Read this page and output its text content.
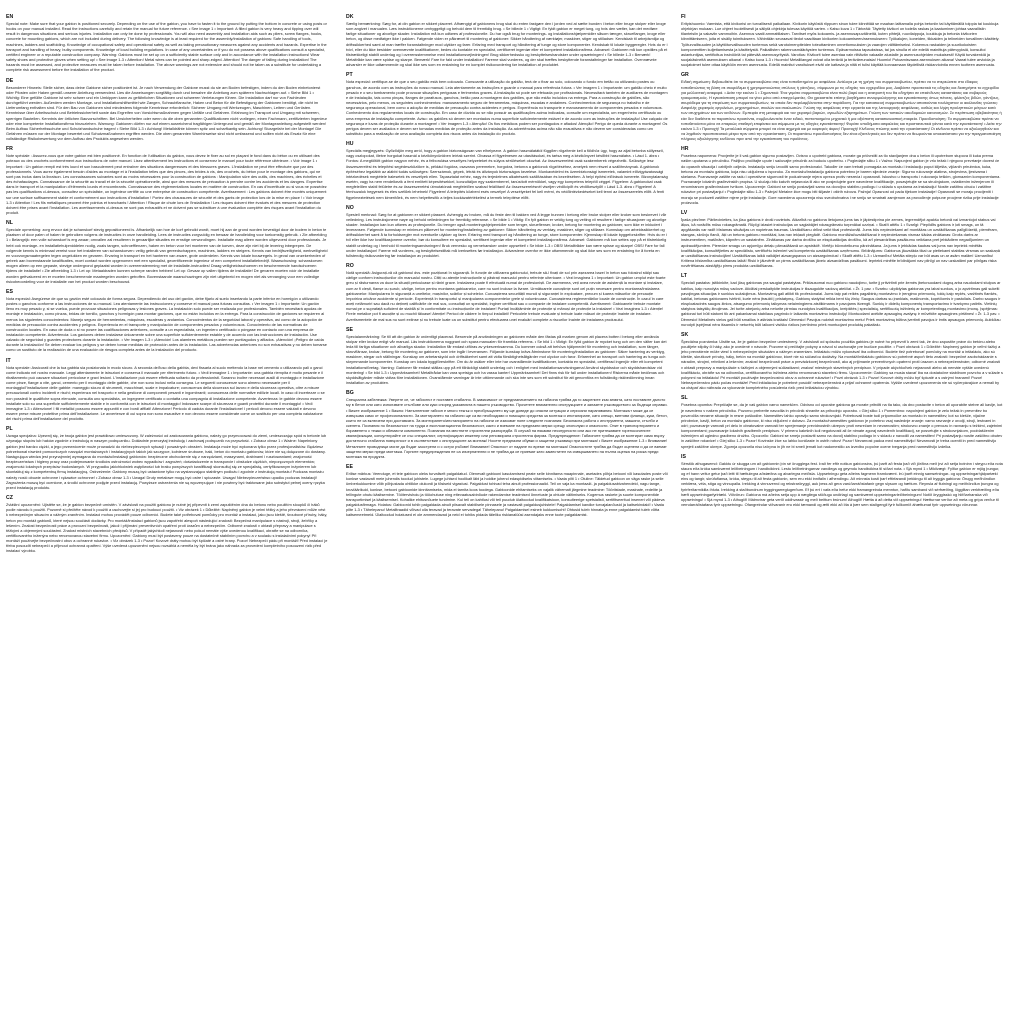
EN

Special note: Make sure that your gabion is positioned securely. Depending on the use of the gabion, you have to fasten it to the ground by putting the bottom in concrete or using posts or hooks on your manual installed. Read the instructions carefully and retain the manual for future reference. • See image 1 • Important: A filled gabion is very heavy and tipping over will result in dangerous situations and serious injuries. Installation can only be done by professionals. You will also need assembly and installation aids such as pliers, screw flanges, hooks, concrete for mounting gabions, which are not included during delivery. The following knowledge is at least required for the assembly/installation of gabions: Safe handling of tools, machines, ladders and scaffolding. Knowledge of occupational safety and operational safety as well as taking precautionary measures against any accidents and hazards. Expertise in the transport and handling of heavy, bulky components. Knowledge of local building regulations. In case of any uncertainties or if you do not possess above qualifications consult a specialist, certified engineer or a reputable construction company. Warning: Gabions must be set up on a sufficiently stable surface only and in accordance with the installation instructions! Wear safety shoes and protective gloves when setting up! • See image 1-3 • Attention! Metal wires can be pointed and sharp-edged. Attention! The danger of falling during installation! The hazards must be assessed, and protective measures must be taken before installation. The above warnings are not extensive and should not be taken as a substitute for undertaking a complete risk assessment before the installation of the product.

DE

Besonderer Hinweis: Stelle sicher, dass deine Gabione sicher positioniert ist. Je nach Verwendung der Gabione musst du sie am Boden befestigen, indem du den Boden einbetonierst oder Pfosten oder Haken gemäß unserer Anleitung verwendest. Lies die Anweisungen sorgfältig durch und bewahre die Anleitung zum späteren Nachschlagen auf. • Siehe Bild 1 • Wichtig: Eine gefüllte Gabione ist sehr schwer und ein Umkippen kann zu gefährlichen Situationen und schweren Verletzungen führen. Die Installation darf nur von Fachleuten durchgeführt werden. Außerdem werden Montage- und Installationshilfsmittel wie Zangen, Schraubflansche, Haken und Beton für die Befestigung der Gabionen benötigt, die nicht im Lieferumfang enthalten sind. Für den Bau von Gabionen sind mindestens folgende Kenntnisse erforderlich: Sicherer Umgang mit Werkzeugen, Maschinen, Leitern und Gerüsten. Kenntnisse über Arbeitsschutz und Betriebssicherheit sowie das Ergreifen von Vorsichtsmaßnahmen gegen Unfälle und Gefahren. Erfahrung im Transport und Umgang mit schweren, sperrigen Bauteilen. Kenntnis der örtlichen Bauvorschriften. Bei Unsicherheiten oder wenn du die oben genannten Qualifikationen nicht vorliegen, einen Fachmann, zertifizierten Ingenieur oder eine kompetente Installationsfirma hinzuziehen. Warnung: Gabionen dürfen nur auf einem ausreichend tragfähigen Untergrund und gemäß der Montageanleitung aufgestellt werden! Beim Aufbau Sicherheitsschuhe und Schutzhandschuhe tragen! • Siehe Bild 1-3 • Achtung! Metalldrähte können spitz und scharfkantig sein. Achtung! Sturzgefahr bei der Montage! Die Gefahren müssen vor der Montage bewertet und Schutzmaßnahmen ergriffen werden. Die oben genannten Warnhinweise sind nicht umfassend und sollten nicht als Ersatz für eine vollständige Risikobewertung vor dem Aufbau des Produkts angesehen werden.

FR

Note spéciale : Assurez-vous que votre gabion est bien positionné. En fonction de l'utilisation du gabion, vous devez le fixer au sol en plaçant le fond dans du béton ou en utilisant des poteaux ou des crochets conformément aux instructions de votre manuel. Lisez attentivement les instructions et conservez le manuel pour toute référence ultérieure. • Voir image 1 • Important : Un gabion rempli est très lourd et son basculement peut entraîner des situations dangereuses et des blessures graves. L'installation ne peut être effectuée que par des professionnels. Vous aurez également besoin d'aides au montage et à l'installation telles que des pinces, des brides à vis, des crochets, du béton pour le montage des gabions, qui ne sont pas inclus dans la livraison. Les connaissances suivantes sont au moins nécessaires pour la construction de gabions : Manipulation sûre des outils, des machines, des échelles et des échafaudages. Connaissance de la sécurité au travail et de la sécurité opérationnelle, ainsi que des mesures de précaution à prendre contre les accidents et les dangers. Expertise dans le transport et la manipulation d'éléments lourds et encombrants. Connaissance des réglementations locales en matière de construction. En cas d'incertitude ou si vous ne possédez pas les qualifications ci-dessus, consultez un spécialiste, un ingénieur certifié ou une entreprise de construction compétente. Avertissement : Les gabions doivent être montés uniquement sur une surface suffisamment stable et conformément aux instructions d'installation ! Portez des chaussures de sécurité et des gants de protection lors de la mise en place ! • Voir image 1-3 • Attention ! Les fils métalliques peuvent être pointus et tranchants ! Attention ! Risque de chute lors de l'installation ! Les risques doivent être évalués et des mesures de protection doivent être prises avant l'installation. Les avertissements ci-dessus ne sont pas exhaustifs et ne doivent pas se substituer à une évaluation complète des risques avant l'installation du produit.

NL

Speciale opmerking: zorg ervoor dat je schanskorf stevig gepositioneerd is. Afhankelijk van hoe de korf gebruikt wordt, moet hij aan de grond worden bevestigd door de bodem in beton te plaatsen of door palen of haken te gebruiken volgens de instructies in onze handleiding. Lees de instructies zorgvuldig en bewaar de handleiding voor toekomstig gebruik. • Zie afbeelding 1 • Belangrijk: een volle schanskorf is erg zwaar; omvallen zal resulteren in gevaarlijke situaties en ernstige verwondingen. Installatie mag alleen worden uitgevoerd door professionals. Je hebt ook montage- en installatiehulpmiddelen nodig, zoals tangen, schroefflenzen, haken en beton voor het monteren van de korven, deze zijn niet bij de levering inbegrepen. De volgende kennis is minimaal vereist voor het installeren van schanskorven: veilig gebruik van gereedschappen, machines, ladders en steigers. Kennis van bedrijfsveiligheid, werkveiligheid en voorzorgsmaatregelen tegen ongelukken en gevaren. Ervaring in transport en het hanteren van zware, grote onderdelen. Kennis van lokale bouwregels. In geval van onzekerheden of gebrek aan bovenstaande kwalificaties, moet contact worden opgenomen met een specialist, gecertificeerde ingenieur of een competent installatiebedrijf. Waarschuwing: schanskorven mogen alleen op een gepaste, stevige ondergrond geplaatst worden in overeenstemming met de installatie-instructies! Draag veiligheidsschoenen en beschermende handschoenen tijdens de installatie! • Zie afbeelding 1-3 • Let op: Metaaldraden kunnen scherpe randen hebben! Let op: Gevaar op vallen tijdens de installatie! De gevaren moeten vóór de installatie worden geëvalueerd en er moeten beschermende maatregelen worden getroffen. Bovenstaande waarschuwingen zijn niet uitgebreid en mogen niet als vervanging voor een volledige risicobeoordeling voor de installatie van het product worden beschouwd.

ES

Nota especial: Asegúrese de que su gavión esté colocado de forma segura. Dependiendo del uso del gavión, debe fijarlo al suelo insertando la parte inferior en hormigón o utilizando postes o ganchos conforme a las instrucciones de su manual. Lea atentamente las instrucciones y conserve el manual para futuras consultas. • Ver imagen 1 • Importante: Un gavión lleno es muy pesado y, si se vuelca, puede provocar situaciones peligrosas y lesiones graves. La instalación solo puede ser realizada por profesionales. También necesitará ayudas de montaje e instalación, como pinzas, bridas de tornillo, ganchos y hormigón para montar gaviones, que no están incluidos en la entrega. Para la construcción de gaviones se requieren al menos los siguientes conocimientos: Manejo seguro de herramientas, máquinas, escaleras y andamios. Conocimientos de la seguridad laboral y operativa, así como de la adopción de medidas de precaución contra accidentes y peligros. Experiencia en el transporte y manipulación de componentes pesados y voluminosos. Conocimiento de las normativas de construcción locales. En caso de duda o si no posee las cualificaciones anteriores, consulte a un especialista, un ingeniero certificado o póngase en contacto con una empresa de instalación competente. Advertencia: Los gaviones deben instalarse únicamente sobre una superficie suficientemente estable y de acuerdo con las instrucciones de instalación. Use calzado de seguridad y guantes protectores durante la instalación. • Ver imagen 1-3 • ¡Atención! Los alambres metálicos pueden ser puntiagudos y afilados. ¡Atención! ¡Peligro de caída durante la instalación! Se deben evaluar los peligros y se deben tomar medidas de protección antes de la instalación. Las advertencias anteriores no son exhaustivas y no deben tomarse como un sustituto de la realización de una evaluación de riesgos completa antes de la instalación del producto.

IT

Nota speciale: Assicurati che la tua gabbia sia posizionata in modo sicuro. A seconda dell'uso della gabbia, devi fissarla al suolo mettendo la base nel cemento o utilizzando pali o ganci come indicato nel nostro manuale. Leggi attentamente le istruzioni e conserva il manuale per riferimento futuro. • Vedi immagine 1 • Importante: una gabbia riempita è molto pesante e il ribaltamento può causare situazioni pericolose e gravi lesioni. L'installazione può essere effettuata soltanto da professionisti. Saranno inoltre necessari ausili di montaggio e installazione come pinze, flange a vite, ganci, cemento per il montaggio delle gabbie, che non sono inclusi nella consegna. Le seguenti conoscenze sono almeno necessarie per il montaggio/l'installazione delle gabbie: maneggio sicuro di strumenti, macchinari, scale e impalcature; conoscenza della sicurezza sul lavoro e della sicurezza operativa, oltre a misure precauzionali contro incidenti e rischi; esperienza nel trasporto e nella gestione di componenti pesanti e ingombranti; conoscenza delle normative edilizie locali. In caso di incertezze o se non possiedi le qualifiche sopra elencate, consulta uno specialista, un ingegnere certificato o contatta una compagnia di installazione competente. Avvertenza: le gabbie devono essere installate solo su una superficie sufficientemente stabile e in conformità con le istruzioni di montaggio! Indossare scarpe di sicurezza e guanti protettivi durante il montaggio! • Vedi immagine 1-3 • Attenzione! I fili metallici possono essere appuntiti e con bordi affilati! Attenzione! Pericolo di caduta durante l'installazione! I pericoli devono essere valutati e devono essere prese misure protettive prima dell'installazione. Le avvertenze di cui sopra non sono esaustive e non devono essere considerate come un sostituto per una completa valutazione dei rischi prima dell'installazione del prodotto.

PL

Uwaga specjalna: Upewnij się, że twoja gabion jest prawidłowo umieszczony. W zależności od zastosowania gabionu, należy go przymocować do ziemi, umieszczając spód w betonie lub używając słupów lub haków zgodnie z instrukcją w naszym podręczniku. Dokładnie przeczytaj instrukcję i zachowaj podręcznik na przyszłość. • Zobacz obraz 1 • Ważne: Napełniony gabion jest bardzo ciężki, a jego przewrócenie może prowadzić do niebezpiecznych sytuacji i poważnych obrażeń. Instalacja może być wykonana tylko przez profesjonalistów. Będziesz potrzebował również pomocniczych narzędzi montażowych i instalacyjnych takich jak szczypce, kołnierze śrubowe, haki, beton do montażu gabionów, które nie są dołączone do dostawy. Następująca wiedza jest przynajmniej wymagana do montażu/instalacji gabionów: bezpieczne obchodzenie się z narzędziami, maszynami, drabinami i rusztowaniami; znajomość bezpieczeństwa i higieny pracy oraz podejmowanie środków ostrożności wobec wypadków i zagrożeń; doświadczenie w transporcie i obsłudze ciężkich, nieporęcznych elementów; znajomość lokalnych przepisów budowlanych. W przypadku jakichkolwiek wątpliwości lub braku powyższych kwalifikacji skonsultuj się ze specjalistą, certyfikowanym inżynierem lub skontaktuj się z kompetentną firmą instalacyjną. Ostrzeżenie: Gabiony muszą być ustawione tylko na wystarczająco stabilnym podłożu i zgodnie z instrukcją montażu! Podczas montażu należy nosić obuwie ochronne i rękawice ochronne! • Zobacz obraz 1-3 • Uwaga! Druty metalowe mogą być ostre i spiczaste. Uwaga! Niebezpieczeństwo upadku podczas instalacji! Zagrożenia muszą być ocenione, a środki ochronne podjęte przed instalacją. Powyższe ostrzeżenia nie są wyczerpujące i nie powinny być traktowane jako substytut pełnej oceny ryzyka przed instalacją produktu.

CZ

Zvláštní upozornění: Ujistěte se, že je gabion bezpečně umístěn. V závislosti na použití gabionu je nutné jej připevnit k zemi zapuštěním dna do betonu nebo použitím sloupků či háků podle návodu k použití. Pozorně si přečtěte návod k použití a uschovejte si jej pro budoucí použití. • Viz obrázek 1 • Důležité: Naplněný gabion je velmi těžký a jeho převrácení může vést k nebezpečným situacím a vážným zraněním. Instalaci mohou provádět pouze odborníci. Budete také potřebovat pomůcky pro montáž a instalaci, jako jsou kleště, šroubové příruby, háky, beton pro montáž gabionů, které nejsou součástí dodávky. Pro montáž/instalaci gabionů jsou zapotřebí alespoň následující znalosti: Bezpečná manipulace s nástroji, stroji, žebříky a lešením. Znalost bezpečnosti práce a provozní bezpečnosti, jakož i přijímání preventivních opatření proti úrazům a nebezpečím. Odborné znalosti v oblasti přepravy a manipulace s těžkými a objemnými součástmi. Znalost místních stavebních předpisů. V případě jakýchkoli nejasností nebo pokud nemáte výše uvedenou kvalifikaci, obraťte se na odborníka, certifikovaného inženýra nebo renomovanou stavební firmu. Upozornění: Gabiony musí být postaveny pouze na dostatečně stabilním povrchu a v souladu s instalačními pokyny! Při montáži používejte bezpečnostní obuv a ochranné rukavice. • Viz obrázek 1-3 • Pozor! Kovové dráty mohou být špičaté a ostré hrany. Pozor! Nebezpečí pádu při montáži! Před instalací je třeba posoudit nebezpečí a přijmout ochranná opatření. Výše uvedená upozornění nejsou rozsáhlá a neměla by být brána jako náhrada za provedení kompletního posouzení rizik před instalací výrobku.

DK

Særlig bemærkning: Sørg for, at din gabion er sikkert placeret. Afhængigt af gabionens brug skal du enten fastgøre den i jorden ved at sætte bunden i beton eller bruge stolper eller kroge som angivet i manualen. Læs instruktionerne omhyggeligt og behold dem til fremtidig brug. • Se billede 1 • Vigtigt: En fyldt gabion er meget tung, og hvis den vælter, kan det medføre farlige situationer og alvorlige skader. Installation må kun udføres af professionelle. Du har også brug for monterings- og installationshjælpemidler såsom tænger, skrueflanger, kroge eller beton, og disse medfølger ikke i pakken. Følgende viden er påkrævet til montering af gabioner: Sikker håndtering af værktøjer, maskiner, stiger og stilladser. Kendskab til arbejdsmiljø og driftssikkerhed samt at man træffer foranstaltninger mod ulykker og farer. Erfaring med transport og håndtering af tunge og store komponenter. Kendskab til lokale byggeregler. Hvis du er i tvivl, eller du ikke besidder ovennævnte kvalifikationer, bedes du kontakte en specialist, certificeret ingeniør eller et kompetent installationsfirma. Advarsel: Gabionen må kun opstilles på et tilstrækkeligt stabilt underlag og i overensstemmelse med installationsvejledningen! Brug sikkerhedssko og beskyttelseshandsker under opsætningen! • Se billede 1-3 • Bemærk! Metaltråde kan være spidse og skarpe. Bemærk! Fare for fald under installation! Farerne skal vurderes, og der skal træffes beskyttende foranstaltninger før installation. Ovennævnte advarsler er ikke udtømmende og skal ikke ses som en erstatning for en komplet risikovurdering før installation af produktet.

PT

Nota especial: certifique-se de que o seu gabião está bem colocado. Consoante a utilização do gabião, terá de o fixar ao solo, colocando o fundo em betão ou utilizando postes ou ganchos, de acordo com as instruções do nosso manual. Leia atentamente as instruções e guarde o manual para referência futura. • Ver imagem 1 • Importante: um gabião cheio é muito pesado e o seu tombamento pode provocar situações perigosas e ferimentos graves. A instalação só pode ser efetuada por profissionais. Necessitará também de auxiliares de montagem e de instalação, tais como pinças, flanges de parafusos, ganchos, betão para a montagem dos gabiões, que não estão incluídos na entrega. Para a construção de gabiões, são necessários, pelo menos, os seguintes conhecimentos: manuseamento seguro de ferramentas, máquinas, escadas e andaimes. Conhecimentos de segurança no trabalho e de segurança operacional, bem como a adoção de medidas de precaução contra acidentes e perigos. Experiência no transporte e manuseamento de componentes pesados e volumosos. Conhecimento dos regulamentos locais de construção. Em caso de dúvida ou se não possuir as qualificações acima indicadas, consulte um especialista, um engenheiro certificado ou uma empresa de instalação competente. Aviso: os gabiões só devem ser montados numa superfície suficientemente estável e de acordo com as instruções de instalação! Use calçado de segurança e luvas de proteção durante a montagem! • Ver imagem 1-3 • Atenção! Os fios metálicos podem ser pontiagudos e afiados! Atenção! Perigo de queda durante a montagem! Os perigos devem ser avaliados e devem ser tomadas medidas de proteção antes da instalação. As advertências acima não são exaustivas e não devem ser consideradas como um substituto para a realização de uma avaliação completa dos riscos antes da instalação do produto.

HU

Speciális megjegyzés: Győződjön meg arról, hogy a gabion biztonságosan van elhelyezve. A gabion használatától függően rögzítenie kell a földhöz úgy, hogy az aljat betonba süllyeszti, vagy oszlopokat, illetve horgokat használ a kézikönyvünkben leírtak szerint. Olvassa el figyelmesen az utasításokat, és tartsa meg a kézikönyvet későbbi használatra. • Lásd 1. ábra • Fontos: A megtöltött gabion nagyon nehéz, és a felborulása veszélyes helyzeteket és súlyos sérüléseket okozhat. Az összeszerelést csak szakemberek végezhetik. Szüksége lesz összeszerelési és telepítési segédeszközökre is, például fogókra, csavaros peremekre, horgokra, betonra a gabionok rögzítéséhez, amelyek nem részei a szállítmánynak. A gabionok építéséhez legalább az alábbi tudás szükséges: Szerszámok, gépek, létrák és állványok biztonságos kezelése. Munkavédelmi és üzembiztonsági ismeretek, valamint elővigyázatossági intézkedések megtétele balesetek és veszélyek ellen. Tapasztalat nehéz, nagy és terjedelmes alkatrészek szállításában és kezelésében. A helyi építési előírások ismerete. Bizonytalanság esetén, vagy ha nem rendelkezik a fent említett képesítésekkel, konzultáljon egy szakemberrel, tanúsított mérnökkel, vagy egy kompetens telepítő céggel. Figyelem: A gabionokat csak megfelelően stabil felületre és az összeszerelési útmutatónak megfelelően szabad felállítani! Az összeszerelésnél viseljen védőcipőt és védőkesztyűt! • Lásd 1-3. ábra • Figyelem! A fémhuzalok hegyesek és éles szélűek lehetnek! Figyelem! A telepítés közbeni esés veszélye! A veszélyeket fel kell mérni, és védőintézkedéseket kell tenni az összeszerelés előtt. A fenti figyelmeztetések nem kimerítőek, és nem helyettesítik a teljes kockázatértékelést a termék telepítése előtt.

NO

Spesiell merknad: Sørg for at gabionen er sikkert plassert. Avhengig av bruken, må du feste den til bakken ved å legge bunnen i betong eller bruke stolper eller kroker som beskrevet i vår veiledning. Les instruksjonene nøye og behold veiledningen for fremtidig referanse. • Se bilde 1 • Viktig: En fylt gabion er veldig tung og velting vil resultere i farlige situasjoner og alvorlige skader. Installasjon kan kun utføres av profesjonelle. Du trenger også monteringshjelpemidler som tenger, skrueflenser, kroker, betong for montering av gabioner, som ikke er inkludert i leveransen. Følgende kunnskap er minimum påkrevet for montering/installering av gabioner: Sikker håndtering av verktøy, maskiner, stiger og stillaser. Kunnskap om arbeidssikkerhet og driftssikkerhet samt å ta forholdsregler mot eventuelle ulykker og farer. Erfaring med transport og håndtering av tunge, store komponenter. Kjennskap til lokale byggeforskrifter. Hvis du er i tvil eller ikke har kvalifikasjonene ovenfor, bør du konsultere en spesialist, sertifisert ingeniør eller et kompetent installasjonsfirma. Advarsel: Gabionen må kun settes opp på et tilstrekkelig stabilt underlag og i henhold til monteringsanvisningen! Bruk vernesko og vernehansker under oppsettet! • Se bilde 1-3 • OBS! Metalltråder kan være spisse og skarpe! OBS! Fare for fall under installasjon! Farene må vurderes, og beskyttelsestiltak må iverksettes før installasjon. Advarslene ovenfor er ikke uttømmende og skal ikke ses som en erstatning for å foreta en fullstendig risikovurdering før installasjon av produktet.

RO

Notă specială: Asigurați-vă că gabionul dvs. este poziționat în siguranță. În funcție de utilizarea gabionului, trebuie să-l fixați de sol prin așezarea bazei în beton sau folosind stâlpi sau cârlige conform instrucțiunilor din manualul nostru. Citiți cu atenție instrucțiunile și păstrați manualul pentru referințe ulterioare. • Vezi imaginea 1 • Important: Un gabion umplut este foarte greu și răsturnarea va duce la situații periculoase și răniri grave. Instalarea poate fi efectuată numai de profesioniști. De asemenea, veți avea nevoie de asistență la montare și instalare, cum ar fi clești, flanșe cu șurub, cârlige, beton pentru montarea gabioanelor, care nu sunt incluse la livrare. Următoarele cunoștințe sunt cel puțin necesare pentru montarea/instalarea gabioanelor: Manipularea în siguranță a uneltelor, mașinilor, scărilor și schelelor. Cunoașterea securității muncii și siguranței în exploatare, precum și luarea măsurilor de precauție împotriva oricăror accidente și pericole. Experiență în transportul și manipularea componentelor grele și voluminoase. Cunoașterea reglementărilor locale de construcție. În cazul în care aveți nelămuriri sau dacă nu dețineți calificările de mai sus, consultați un specialist, inginer certificat sau o companie de instalare competentă. Avertisment: Gabioanele trebuie montate numai pe o suprafață suficient de stabilă și în conformitate cu instrucțiunile de instalare! Purtați încălțăminte de protecție și mănuși de protecție la instalare! • Vezi imaginea 1-3 • Atenție! Firele metalice pot fi ascuțite și cu muchii tăioase! Atenție! Pericol de cădere în timpul instalării! Pericolele trebuie evaluate și trebuie luate măsuri de protecție înainte de instalare. Avertismentele de mai sus nu sunt extinse și nu trebuie luate ca un substitut pentru efectuarea unei evaluări complete a riscurilor înainte de instalarea produsului.

SE

Specialanmärkning: Se till att din gabion är ordentligt placerad. Beroende på användningen av gabionen måste den fästas på marken genom att placera botten i betong eller använda stolpar eller krokar enligt vår manual. Läs instruktionerna noggrant och spara manualen för framtida referens. • Se bild 1 • Viktigt: En fylld gabion är mycket tung och om den välter kan det leda till farliga situationer och allvarliga skador. Installation får endast utföras av yrkesverksamma. Du kommer också att behöva hjälpmedel för montering och installation, som tänger, skruvflänsar, krokar, betong för montering av gabioner, som inte ingår i leveransen. Följande kunskap krävs åtminstone för montering/installation av gabioner: Säker hantering av verktyg, maskiner, stegar och ställningar. Kunskap om arbetarskydd och driftsäkerhet samt att vidta försiktighetsåtgärder mot olyckor och faror. Erfarenhet av transport och hantering av tunga och skrymmande komponenter. Kunskap om lokala byggföreskrifter. Om du är osäker eller inte har ovanstående kvalifikationer, kontakta en specialist, certifierad ingenjör eller ett kompetent installationsföretag. Varning: Gabioner får endast ställas upp på ett tillräckligt stabilt underlag och i enlighet med installationsanvisningarna! Använd skyddsskor och skyddshandskar vid montering! • Se bild 1-3 • Uppmärksamhet! Metalltrådar kan vara spetsiga och ha vassa kanter! Uppmärksamhet! Det finns risk för fall under installationen! Riskerna måste bedömas och skyddsåtgärder måste vidtas före installationen. Ovanstående varningar är inte uttömmande och ska inte ses som ett substitut för att genomföra en fullständig riskbedömning innan installation av produkten.

BG

Специална забележка: Уверете се, че габионът е поставен стабилно. В зависимост от предназначението на габиона трябва да го закрепите към земята, като поставите дъното му в бетон или като използвате стълбове или куки според указанията в нашето ръководство. Прочетете внимателно инструкциите и запазете ръководството за бъдещи справки. • Вижте изображение 1 • Важно: Напълненият габион е много тежък и преобръщането му ще доведе до опасни ситуации и сериозни наранявания. Монтажът може да се извършва само от професионалисти. За монтирането на габиони ще са ви необходими и помощни средства за монтаж и инсталиране, като клещи, винтови фланци, куки, бетон, които не са включени при доставката. За монтирането/инсталирането на габиони се изискват поне следните познания: Безопасна работа с инструменти, машини, стълби и скелета. Познания по безопасност на труда и експлоатационна безопасност, както и вземане на предпазни мерки срещу злополуки и опасности. Опит в транспортирането и боравенето с тежки и обемисти компоненти. Познания на местните строителни разпоредби. В случай на някакви несигурности или ако не притежавате горепосочените квалификации, консултирайте се със специалист, сертифициран инженер или реномирана строителна фирма. Предупреждение: Габионите трябва да се монтират само върху достатъчно стабилна повърхност и в съответствие с инструкциите за монтаж! Носете предпазни обувки и защитни ръкавици при монтажа! • Вижте изображение 1-3 • Внимание! Металните проводници могат да бъдат заострени и с остри ръбове! Внимание! Опасност от падане по време на монтажа! Опасностите трябва да бъдат оценени и да се вземат защитни мерки преди монтажа. Горните предупреждения не са изчерпателни и не трябва да се приемат като заместител на извършването на пълна оценка на риска преди монтажа на продукта.

EE

Erilise märkus: Veenduge, et teie gabioon oleks turvaliselt paigaldatud. Olenevalt gabiooni kasutamisest peate selle kinnitama maapinnale, asetades põhja betooni või kasutades poste või konkse vastavalt meie juhendis toodud juhistele. Lugege juhised hoolikalt läbi ja hoidke juhend edaspidiseks viitamiseks. • Vaata pilti 1 • Oluline: Täidetud gabioon on väga raske ja selle ümberkukkumine võib põhjustada ohtlikke olukordi ja tõsiseid vigastusi. Paigaldust tohivad teha ainult professionaalid. Teil on vaja ka montaaži- ja paigaldusabivahendeid, nagu tange, kruviäärikuid, konkse, betooni gabioonide kinnitamiseks, mida ei tarnita koos toodega. Gabioonide ehitamiseks on vajalik vähemalt järgmine teadmine: Tööriistade, masinate, redelite ja tellingute ohutu käsitsemine. Töötervishoiu ja tööohutuse ning ettevaatusabinõude rakendamise teadmised õnnetuste ja ohtude vältimiseks. Kogemus raskete ja suurte komponentide transportimisel ja käsitsemisel. Kohalike ehitusnõuete tundmine. Kui teil on kahtlusi või teil puudub ülaltoodud kvalifikatsioon, konsulteerige spetsialisti, sertifitseeritud inseneri või pädeva paigaldusfirmaga. Hoiatus: Gabioonid tohib paigaldada ainult piisavalt stabiilsele pinnasele ja vastavalt paigaldusjuhistele! Paigaldamisel kandke turvajalanõusid ja kaitsekindaid! • Vaata pilte 1-3 • Tähelepanu! Metalltraadid võivad olla teravad ja teravate servadega! Tähelepanu! Paigaldamisel esineb kukkumisoht! Ohtusid tuleb hinnata ja enne paigaldamist tuleb võtta kaitsemeetmeid. Ülaltoodud hoiatused ei ole ammendavad ja neid ei tohiks pidada täieliku riskianalüüsi asendajaks enne toote paigaldamist.

FI

Erityishuomio: Varmista, että kivikorisi on turvallisesti paikallaan. Kivikorin käytöstä riippuen sinun tulee kiinnittää se maahan laittamalla pohja betoniin tai käyttämällä tolppia tai koukkuja ohjekirjan mukaan. Lue ohjeet huolellisesti ja säilytä ohjekirja tulevaa käyttöä varten. • Katso kuva 1 • Tärkeää: Täytetty kivikori on todella raskas ja kaatuminen johtaa vaarallisiin tilanteisiin ja vakaviin vammoihin. Asennus vaatii ammattilaisen. Tarvitset myös kokoamis- ja asennusapuvälineitä, kuten pihtejä, ruuvilaippoja, koukkuja ja betonia kivikorien kiinnittämiseen, joita ei sisälly toimitukseen. Vähintään seuraavat tiedot vaaditaan kivikorien kokoamiseen/asennukseen: Työkalujen, koneiden, tikkaiden ja telineiden turvallinen käsittely. Työturvallisuuden ja käyttöturvallisuuden tuntemus sekä varotoimenpiteiden toteuttaminen onnettomuuksien ja vaarojen välttämiseksi. Kokemus raskaiden ja suurikokoisten komponenttien kuljettamisesta ja käsittelystä. Paikallisten rakennusmääräysten tuntemus. Epävarmoissa tapauksissa, tai jos sinulla ei ole edellä mainittuja pätevyyksiä, konsultoi asiantuntijaa, sertifioitua insinööriä tai pätevää asennusyritystä. Varoitus: Kivikorit tulee asentaa vain riittävän vakaalle alustalle ja asennusohjeiden mukaisesti! Käytä turvakenkiä ja suojakäsineitä asennuksen aikana! • Katso kuva 1-3 • Huomio! Metallilangat voivat olla teräviä ja teräväreunaisia! Huomio! Putoamisvaara asennuksen aikana! Vaarat tulee arvioida ja suojatoimet tulee ottaa käyttöön ennen asennusta. Edellä mainitut varoitukset eivät ole kattavia ja niitä ei tulisi käyttää korvaamaan täydellistä riskiarviointia ennen tuotteen asennusta.

GR

Ειδική σημείωση: Βεβαιωθείτε ότι το συρματοκιβώτιο σας είναι τοποθετημένο με ασφάλεια. Ανάλογα με τη χρήση του συρματοκιβωτίου, πρέπει να το στερεώσετε στο έδαφος τοποθετώντας τη βάση σε σκυρόδεμα ή χρησιμοποιώντας στύλους ή γάντζους, σύμφωνα με τις οδηγίες του εγχειριδίου μας. Διαβάστε προσεκτικά τις οδηγίες και διατηρήστε το εγχειρίδιο για μελλοντική αναφορά. • Δείτε την εικόνα 1 • Σημαντικό: Ένα γεμάτο συρματοκιβώτιο είναι πολύ βαρύ και η ανατροπή του θα οδηγήσει σε επικίνδυνες καταστάσεις και σοβαρούς τραυματισμούς. Η εγκατάσταση μπορεί να γίνει μόνο από επαγγελματίες. Θα χρειαστείτε επίσης βοηθήματα συναρμολόγησης και εγκατάστασης όπως πένσες, φλάντζες βιδών, γάντζους, σκυρόδεμα για τη στερέωση των συρματοκιβωτίων, τα οποία δεν περιλαμβάνονται στην παράδοση. Για την κατασκευή συρματοκιβωτίων απαιτούνται τουλάχιστον οι ακόλουθες γνώσεις: Ασφαλής χειρισμός εργαλείων, μηχανημάτων, σκαλών και σκαλωσιών. Γνώση της ασφάλειας στην εργασία και της λειτουργικής ασφάλειας, καθώς και λήψη προληπτικών μέτρων κατά των ατυχημάτων και των κινδύνων. Εμπειρία στη μεταφορά και τον χειρισμό βαριών, ογκωδών εξαρτημάτων. Γνώση των τοπικών οικοδομικών κανονισμών. Σε περίπτωση αβεβαιότητας ή εάν δεν διαθέτετε τα παραπάνω προσόντα, συμβουλευτείτε έναν ειδικό, πιστοποιημένο μηχανικό ή μια αξιόπιστη κατασκευαστική εταιρεία. Προειδοποίηση: Τα συρματοκιβώτια πρέπει να τοποθετούνται μόνο σε επαρκώς σταθερή επιφάνεια και σύμφωνα με τις οδηγίες εγκατάστασης! Φοράτε υποδήματα ασφαλείας και προστατευτικά γάντια κατά την εγκατάσταση! • Δείτε την εικόνα 1-3 • Προσοχή! Τα μεταλλικά σύρματα μπορεί να είναι αιχμηρά και με κοφτερές άκρες! Προσοχή! Κίνδυνος πτώσης κατά την εγκατάσταση! Οι κίνδυνοι πρέπει να αξιολογηθούν και να ληφθούν προστατευτικά μέτρα πριν από την εγκατάσταση. Οι παραπάνω προειδοποιήσεις δεν είναι εξαντλητικές και δεν πρέπει να θεωρούνται υποκατάστατο για την πραγματοποίηση πλήρους αξιολόγησης κινδύνου πριν από την εγκατάσταση του προϊόντος.

HR

Posebna napomena: Provjerite je li vaš gabion sigurno postavljen. Ovisno o upotrebi gabiona, morate ga pričvrstiti za tlo stavljanjem dna u beton ili upotrebom stupova ili kuka prema našim uputama u priručniku. Pažljivo pročitajte upute i sačuvajte priručnik za buduću upotrebu. • Pogledajte sliku 1 • Važno: Napunjeni gabion je vrlo težak i njegovo prevrtanje dovest će do opasnih situacija i ozbiljnih ozljeda. Instalaciju smiju izvoditi samo profesionalci. Također će vam trebati pomagala za montažu i instalaciju poput kliješta, vijčanih prirubnica, kuka, betona za montažu gabiona, koja nisu uključena u isporuku. Za montažu/instalaciju gabiona potrebno je barem sljedeće znanje: Sigurno rukovanje alatima, strojevima, ljestvama i skelama. Poznavanje zaštite na radu i operativne sigurnosti te poduzimanje mjera opreza protiv nesreća i opasnosti. Iskustvo u transportu i rukovanju teškim, glomaznim komponentama. Poznavanje lokalnih građevinskih propisa. U slučaju bilo kakvih nejasnoća ili ako ne posjedujete gore navedene kvalifikacije, posavjetujte se sa stručnjakom, ovlaštenim inženjerom ili renomiranom građevinskom tvrtkom. Upozorenje: Gabioni se smiju postavljati samo na dovoljno stabilnu podlogu i u skladu s uputama za instalaciju! Nosite zaštitnu obuću i zaštitne rukavice pri postavljanju! • Pogledajte sliku 1-3 • Pažnja! Metalne žice mogu biti šiljaste i oštrih rubova. Pažnja! Opasnost od pada tijekom instalacije! Opasnosti se moraju procijeniti i moraju se poduzeti zaštitne mjere prije instalacije. Gore navedena upozorenja nisu sveobuhvatna i ne smiju se smatrati zamjenom za provođenje potpune procjene rizika prije instalacije proizvoda.

LV

Īpaša piezīme: Pārliecinieties, ka jūsu gabions ir droši novietots. Atkarībā no gabiona lietojuma jums tas ir jāpiestiprina pie zemes, iegremdējot apakšu betonā vai izmantojot stabus vai āķus, kā norādīts mūsu rokasgrāmatā. Rūpīgi izlasiet instrukcijas un saglabājiet rokasgrāmatu turpmākai uzziņai. • Skatīt attēlu 1 • Svarīgi: Piepildīts gabions ir ļoti smags, un tā apgāšanās var radīt bīstamas situācijas un nopietnas traumas. Uzstādīšanu drīkst veikt tikai profesionāļi. Jums būs nepieciešami arī montāžas un uzstādīšanas palīglīdzekļi, piemēram, stangas, skrūvju flanči, āķi un betons gabionu montāžai, kas nav iekļauti piegādē. Gabionu montāžai/uzstādīšanai ir nepieciešamas vismaz šādas zināšanas: Drošs darbs ar instrumentiem, mašīnām, kāpnēm un sastatnēm. Zināšanas par darba drošību un ekspluatācijas drošību, kā arī piesardzības pasākumu veikšana pret jebkādiem negadījumiem un apdraudējumiem. Pieredze smagu un apjomīgu detaļu pārvadāšanā un apstrādē. Vietējo būvnoteikumu pārzināšana. Ja jums ir jebkādas šaubas vai jums nav iepriekš minētās kvalifikācijas, konsultējieties ar speciālistu, sertificētu inženieri vai kompetentu uzstādīšanas uzņēmumu. Brīdinājums: Gabionus jāuzstāda tikai uz pietiekami stabilas virsmas un saskaņā ar uzstādīšanas instrukcijām! Uzstādīšanas laikā valkājiet aizsargapavus un aizsargcimdus! • Skatīt attēlu 1-3 • Uzmanību! Metāla stiepļu var būt asas un ar asām malām! Uzmanību! Kritiena bīstamība uzstādīšanas laikā! Riski ir jāizvērtē un pirms uzstādīšanas jāveic aizsardzības pasākumi. Iepriekš minētie brīdinājumi nav pilnīgi un nav uzskatāmi par pilnīgas riska novērtēšanas aizstājēju pirms produkta uzstādīšanas.

LT

Speciali pastaba: įsitikinkite, kad jūsų gabionas yra saugiai pastatytas. Priklausomai nuo gabiono naudojimo, turite jį pritvirtinti prie žemės įbetonuodami dugną arba naudodami stulpus ar kablius, kaip nurodyta mūsų vadove. Atidžiai perskaitykite instrukcijas ir išsaugokite vadovą ateičiai. • Žr. 1 pav. • Svarbu: užpildytas gabionas yra labai sunkus, o jo apvirtimas gali sukelti pavojingas situacijas ir sunkius sužalojimus. Montavimą gali atlikti tik profesionalai. Jums taip pat reikės pagalbinių montavimo ir įrengimo priemonių, tokių kaip replės, varžtinės flanšės, kabliai, betonas gabionams tvirtinti, kurie nėra įtraukti į pristatymą. Gabionų statybai reikia bent šių žinių: Saugus darbas su įrankiais, mašinomis, kopėčiomis ir pastoliais. Darbo saugos ir eksploatacinės saugos žinios, atsargumo priemonių taikymas nelaimingiems atsitikimams ir pavojams išvengti. Sunkių ir didelių komponentų transportavimo ir tvarkymo patirtis. Vietinių statybos taisyklių žinojimas. Jei turite abejonių arba neturite pirmiau nurodytos kvalifikacijos, kreipkitės į specialistą, sertifikuotą inžinierių ar kompetentingą montavimo įmonę. Įspėjimas: gabionai turi būti statomi tik ant pakankamai stabilaus pagrindo ir laikantis montavimo instrukcijų! Montuodami avėkite apsauginę avalynę ir mūvėkite apsaugines pirštines! • Žr. 1-3 pav. • Dėmesio! Metalinės vielos gali būti smailios ir aštriais kraštais! Dėmesio! Pavojus nukristi montavimo metu! Prieš montavimą būtina įvertinti pavojus ir imtis apsaugos priemonių. Aukščiau nurodyti įspėjimai nėra išsamūs ir neturėtų būti laikomi visiško rizikos įvertinimo prieš montuojant produktą pakaitalu.

SK

Špeciálna poznámka: Uistite sa, že je gabion bezpečne umiestnený. V závislosti od spôsobu použitia gabiónu je nutné ho pripevniť k zemi tak, že dno zapustíte práve do betónu alebo použijete stĺpiky či háky, ako je uvedené v návode. Pozorne si prečítajte pokyny a návod si uschovajte pre budúce použitie. • Pozri obrázok 1 • Dôležité: Naplnený gabion je veľmi ťažký a jeho prevrátenie môže viesť k nebezpečným situáciám a vážnym zraneniam. Inštaláciu môžu vykonávať iba odborníci. Budete tiež potrebovať pomôcky na montáž a inštaláciu, ako sú kliešte, skrutkové príruby, háky, betón na montáž gabiónov, ktoré nie sú súčasťou dodávky. Na montáž/inštaláciu gabiónov sú potrebné aspoň tieto znalosti: bezpečné zaobchádzanie s náradím, strojmi, rebríkmi a lešením; znalosť bezpečnosti práce a prevádzkovej bezpečnosti, ako aj prijímanie preventívnych opatrení proti úrazom a nebezpečenstvám; odborné znalosti v oblasti prepravy a manipulácie s ťažkými a objemnými súčiastkami; znalosť miestnych stavebných predpisov. V prípade akýchkoľvek nejasností alebo ak nemáte vyššie uvedenú kvalifikáciu, obráťte sa na odborníka, certifikovaného inžiniera alebo renomovanú stavebnú firmu. Upozornenie: Gabióny sa musia stavať iba na dostatočne stabilnom povrchu a v súlade s pokynmi na inštaláciu! Pri montáži používajte bezpečnostnú obuv a ochranné rukavice! • Pozri obrázok 1-3 • Pozor! Kovové drôty môžu byť špicaté a s ostrými hranami! Pozor! Nebezpečenstvo pádu počas montáže! Pred inštaláciou je potrebné posúdiť nebezpečenstvá a prijať ochranné opatrenia. Vyššie uvedené upozornenia nie sú vyčerpávajúce a nemali by sa chápať ako náhrada za vykonanie kompletného posúdenia rizík pred inštaláciou výrobku.

SL

Posebna opomba: Prepričajte se, da je vaš gabion varno nameščen. Odvisno od uporabe gabiona ga morate pritrditi na tla tako, da dno postavite v beton ali uporabite stebre ali kavlje, kot je navedeno v našem priročniku. Pozorno preberite navodila in priročnik shranite za prihodnjo uporabo. • Glej sliko 1 • Pomembno: napolnjeni gabion je zelo težak in prevrnitev bo povzročila nevarne situacije in resne poškodbe. Namestitev lahko opravijo samo strokovnjaki. Potrebovali boste tudi pripomočke za montažo in namestitev, kot so klešče, vijačne prirobnice, kavlji, beton za montažo gabionov, ki niso vključeni v dobavo. Za montažo/namestitev gabionov je potrebno vsaj naslednje znanje: varno ravnanje z orodji, stroji, lestvami in odri; poznavanje varnosti pri delu in obratovalne varnosti ter sprejemanje previdnostnih ukrepov proti nesrečam in nevarnostim; strokovno znanje o prevozu in ravnanju s težkimi, zajetnimi komponentami; poznavanje lokalnih gradbenih predpisov. V primeru kakršnih koli negotovosti ali če nimate zgoraj navedenih kvalifikacij, se posvetujte s strokovnjakom, pooblaščenim inženirjem ali ugledno gradbeno družbo. Opozorilo: Gabioni se smejo postaviti samo na dovolj stabilno podlago in v skladu z navodili za namestitev! Pri postavljanju nosite zaščitno obutev in zaščitne rokavice! • Glej sliko 1-3 • Pozor! Kovinske žice so lahko koničaste in ostrih robov! Pozor! Nevarnost padca med namestitvijo! Nevarnosti je treba oceniti in pred namestitvijo sprejeti zaščitne ukrepe. Zgornja opozorila niso izčrpna in jih ne bi smeli jemati kot nadomestilo za izvedbo popolne ocene tveganja pred namestitvijo izdelka.

IS

Sérstök athugasemd: Gakktu úr skugga um að gabíonnin þín sé örugglega fest. Það fer eftir notkun gabíonsins, þú þarft að festa það við jörðina með því að setja botninn í steypu eða nota staura eða króka samkvæmt leiðbeiningum í handbókinni. Lestu leiðbeiningarnar vandlega og geymdu handbókina til síðari nota. • Sjá mynd 1 • Mikilvægt: Fylltur gabíon er mjög þungur, og ef hann veltur getur það leitt til hættulegra aðstæðna og alvarlegra meiðsla. Uppsetningu geta aðeins fagmenn framkvæmt. Þú þarft einnig samsetningar- og uppsetningarhjálpartæki eins og tangir, skrúfuflansa, króka, steypu til að festa gabíonin, sem eru ekki innifalin í afhendingu. Að minnsta kosti þarf eftirfarandi þekkingu til að byggja gabíona: Örugg meðhöndlun verkfæra, véla, stiga og vinnupalla. Þekking á vinnuvernd og rekstraröryggi, auk þess að gera varúðarráðstafanir gegn slysum og hættum. Reynsla af flutningi og meðhöndlun þungra og fyrirferðarmikilla íhluta. Þekking á staðbundnum byggingarreglugerðum. Ef þú ert í vafa eða hefur ekki framangreinda menntun, hafðu samband við sérfræðing, löggiltan verkfræðing eða hæft uppsetningarfyrirtæki. Viðvörun: Gabíona má aðeins setja upp á nægilega stöðugu undirlagi og samkvæmt uppsetningarleiðbeiningum! Notið öryggisskó og hlífðarhanska við uppsetningu! • Sjá mynd 1-3 • Athugið! Málmvírar geta verið oddhvassir og með beittum brúnum! Athugið! Hætta á að detta við uppsetningu! Hætturnar verður að meta og grípa verður til verndarráðstafana fyrir uppsetningu. Ofangreindar viðvaranir eru ekki tæmandi og ætti ekki að líta á þær sem staðgengil fyrir fullkomið áhættumat fyrir uppsetningu vörunnar.
